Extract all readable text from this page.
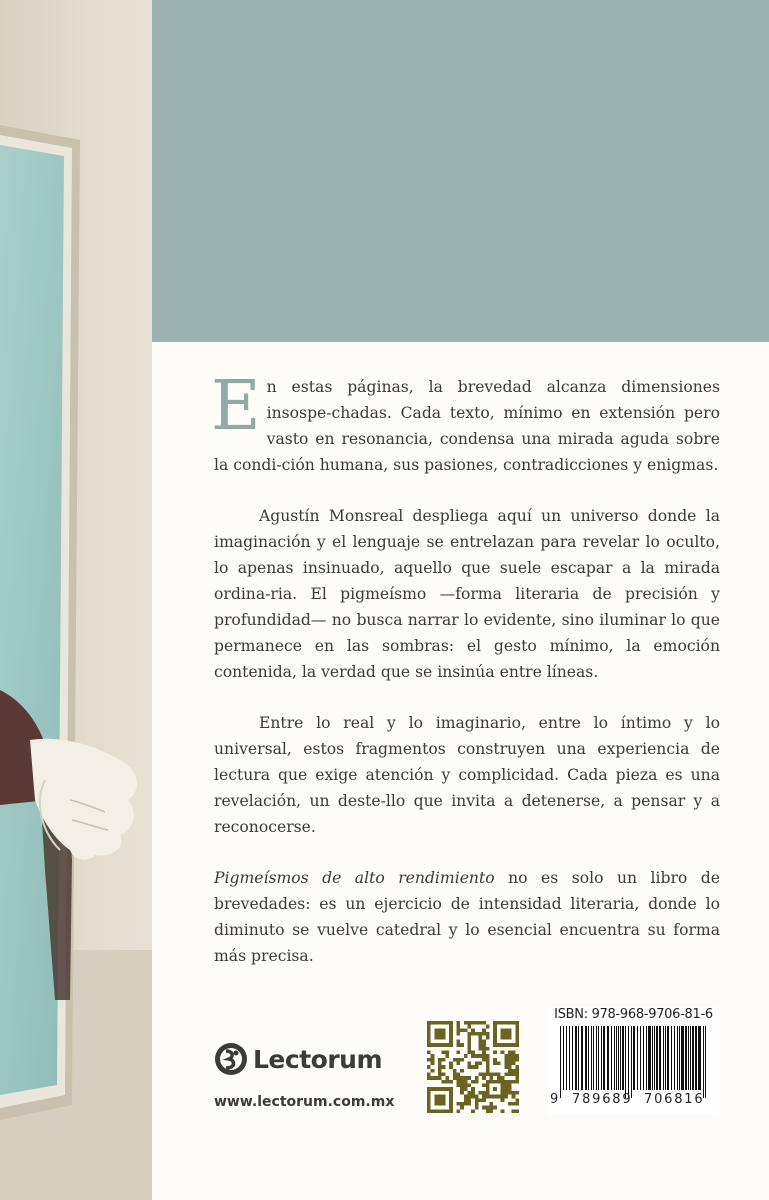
En estas páginas, la brevedad alcanza dimensiones insospe-chadas. Cada texto, mínimo en extensión pero vasto en resonancia, condensa una mirada aguda sobre la condi-ción humana, sus pasiones, contradicciones y enigmas.

Agustín Monsreal despliega aquí un universo donde la imaginación y el lenguaje se entrelazan para revelar lo oculto, lo apenas insinuado, aquello que suele escapar a la mirada ordina-ria. El pigmeísmo —forma literaria de precisión y profundidad— no busca narrar lo evidente, sino iluminar lo que permanece en las sombras: el gesto mínimo, la emoción contenida, la verdad que se insinúa entre líneas.

Entre lo real y lo imaginario, entre lo íntimo y lo universal, estos fragmentos construyen una experiencia de lectura que exige atención y complicidad. Cada pieza es una revelación, un deste-llo que invita a detenerse, a pensar y a reconocerse.

Pigmeísmos de alto rendimiento no es solo un libro de brevedades: es un ejercicio de intensidad literaria, donde lo diminuto se vuelve catedral y lo esencial encuentra su forma más precisa.

Lectorum
www.lectorum.com.mx
ISBN: 978-968-9706-81-6
9 789689 706816
